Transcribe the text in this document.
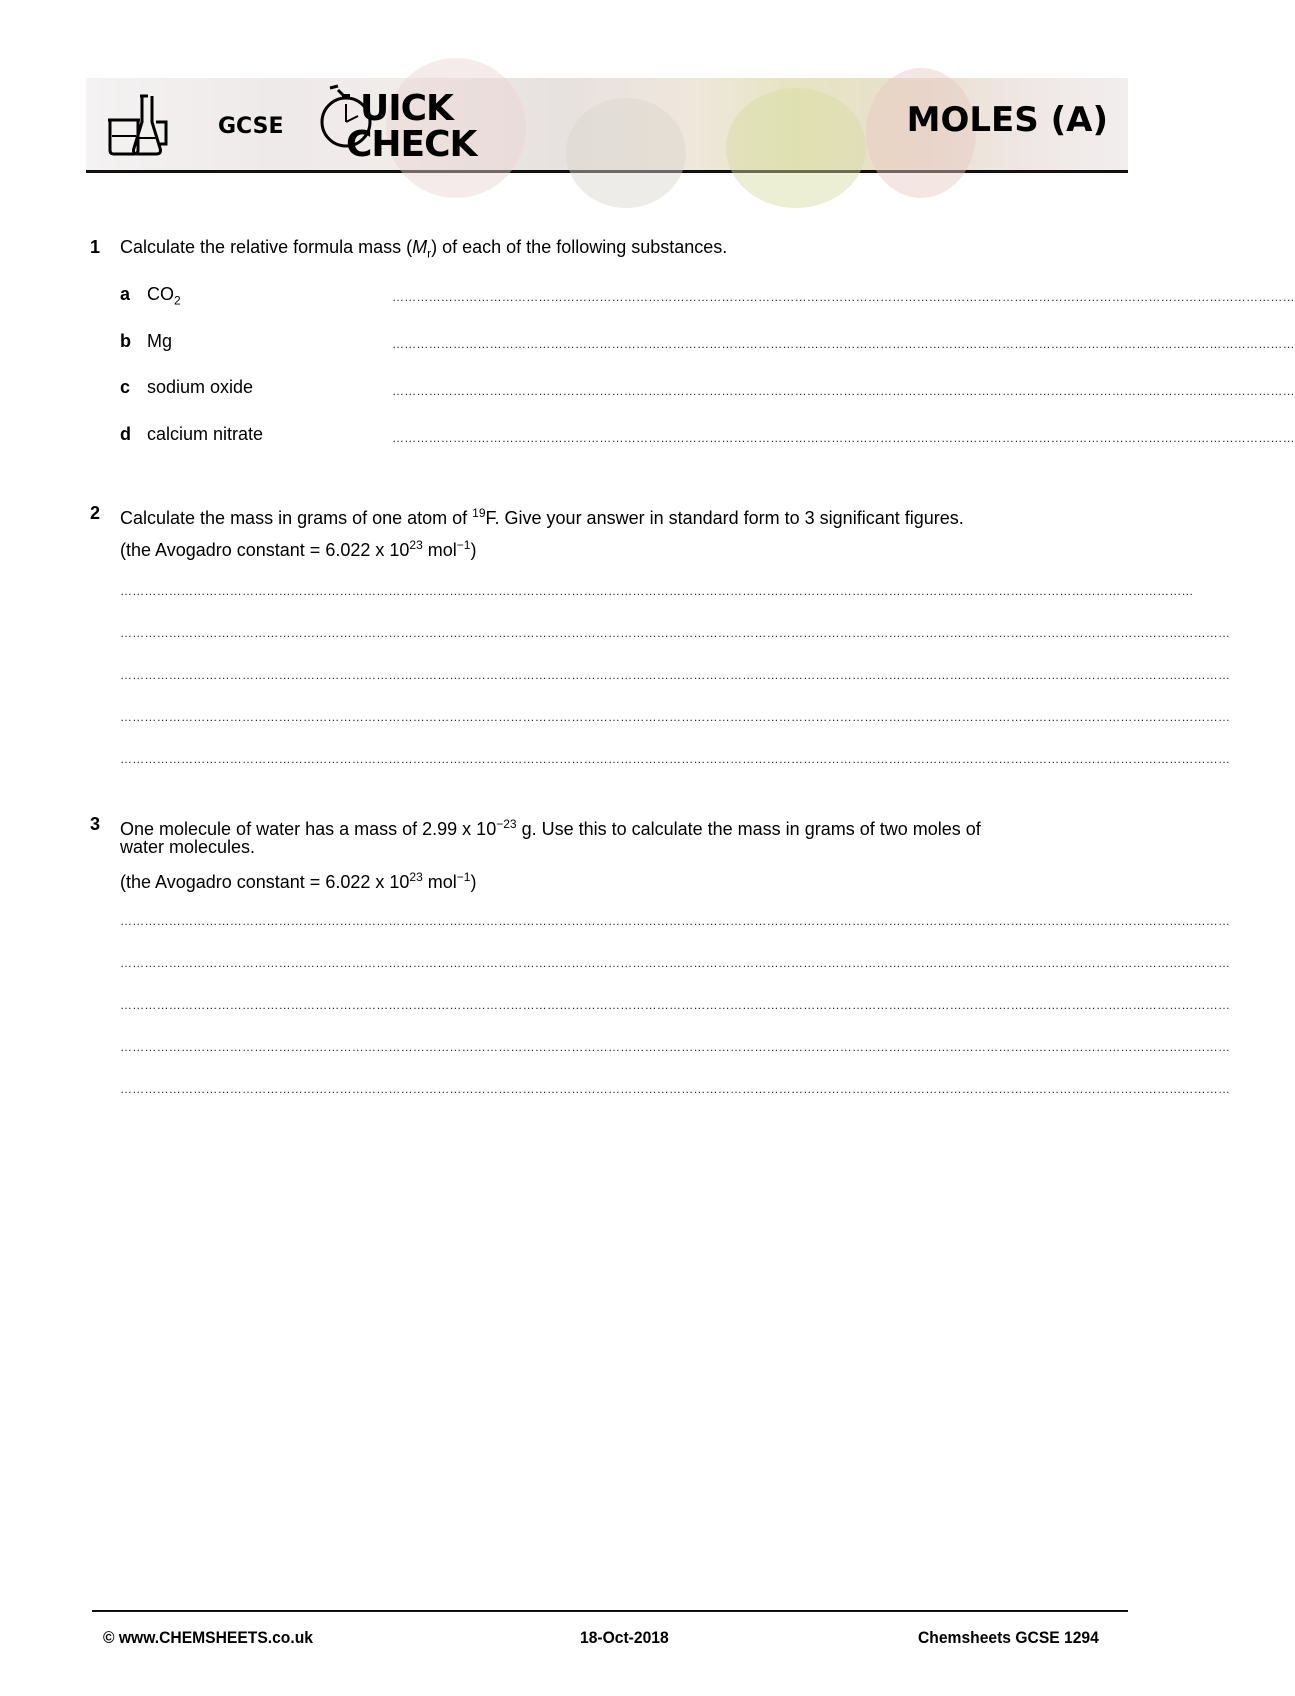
GCSE UICK
CHECK
MOLES (A)
1 Calculate the relative formula mass $(M_r)$ of each of the following substances.
a $CO_2$	……………………………………………………………………………………………………………………………………………………………………………………………………
b Mg	……………………………………………………………………………………………………………………………………………………………………………………………………
c sodium oxide	……………………………………………………………………………………………………………………………………………………………………………………………………
d calcium nitrate	……………………………………………………………………………………………………………………………………………………………………………………………………
2 Calculate the mass in grams of one atom of $^{19}$F. Give your answer in standard form to 3 significant figures.
(the Avogadro constant = 6.022 x $10^{23}$ mol$^{-1}$)
…………………………………………………………………………………………………………………………………………………………………………………………………………………………………………
…………………………………………………………………………………………………………………………………………………………………………………………………………………………………………………
…………………………………………………………………………………………………………………………………………………………………………………………………………………………………………………
…………………………………………………………………………………………………………………………………………………………………………………………………………………………………………………
…………………………………………………………………………………………………………………………………………………………………………………………………………………………………………………
3 One molecule of water has a mass of 2.99 x $10^{-23}$ g. Use this to calculate the mass in grams of two moles of
water molecules.
(the Avogadro constant = 6.022 x $10^{23}$ mol$^{-1}$)
…………………………………………………………………………………………………………………………………………………………………………………………………………………………………………………
…………………………………………………………………………………………………………………………………………………………………………………………………………………………………………………
…………………………………………………………………………………………………………………………………………………………………………………………………………………………………………………
…………………………………………………………………………………………………………………………………………………………………………………………………………………………………………………
…………………………………………………………………………………………………………………………………………………………………………………………………………………………………………………
© www.CHEMSHEETS.co.uk	18-Oct-2018	Chemsheets GCSE 1294
